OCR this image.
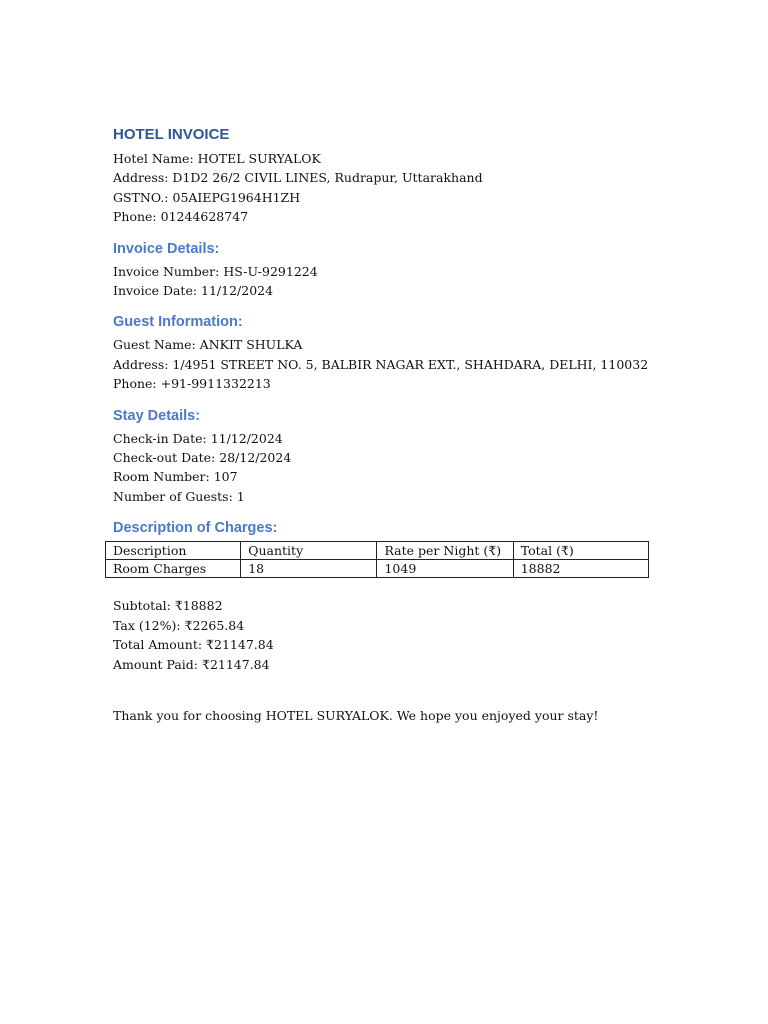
HOTEL INVOICE
Hotel Name: HOTEL SURYALOK
Address: D1D2 26/2 CIVIL LINES, Rudrapur, Uttarakhand
GSTNO.: 05AIEPG1964H1ZH
Phone: 01244628747
Invoice Details:
Invoice Number: HS-U-9291224
Invoice Date: 11/12/2024
Guest Information:
Guest Name: ANKIT SHULKA
Address: 1/4951 STREET NO. 5, BALBIR NAGAR EXT., SHAHDARA, DELHI, 110032
Phone: +91-9911332213
Stay Details:
Check-in Date: 11/12/2024
Check-out Date: 28/12/2024
Room Number: 107
Number of Guests: 1
Description of Charges:
Description	Quantity	Rate per Night (₹)	Total (₹)
Room Charges	18	1049	18882
Subtotal: ₹18882
Tax (12%): ₹2265.84
Total Amount: ₹21147.84
Amount Paid: ₹21147.84
Thank you for choosing HOTEL SURYALOK. We hope you enjoyed your stay!
